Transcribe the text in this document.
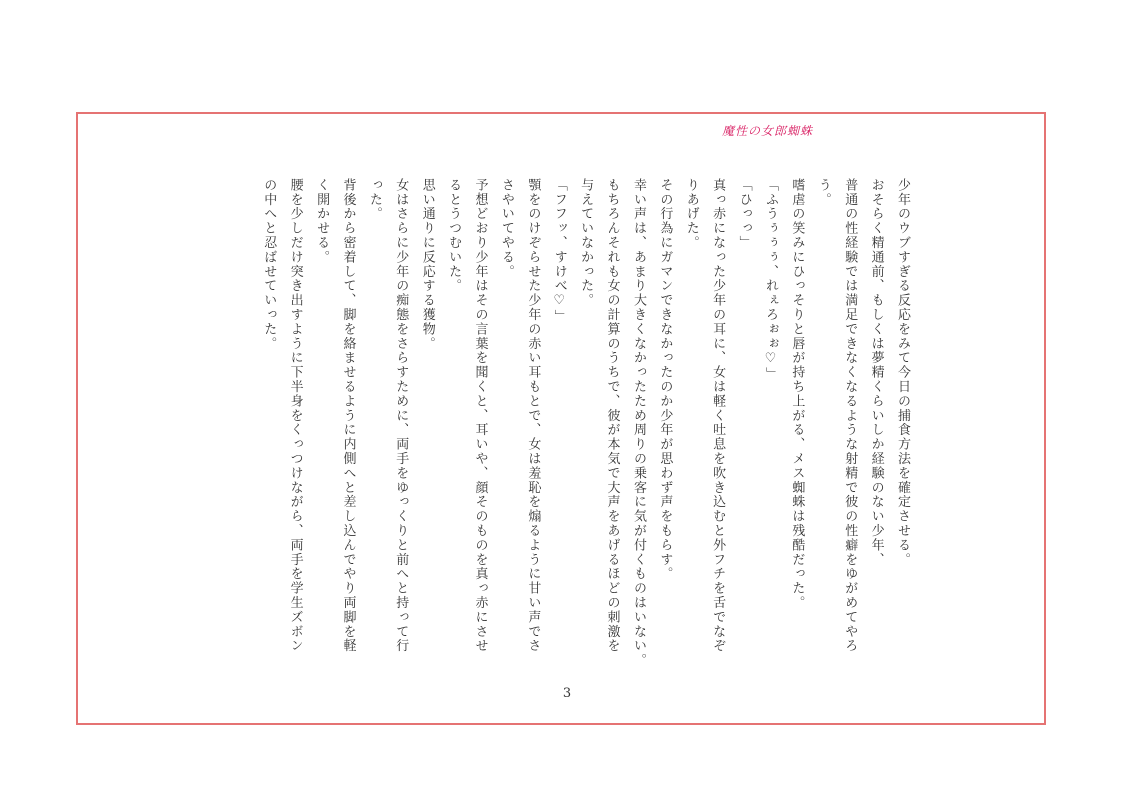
魔性の女郎蜘蛛

少年のウブすぎる反応をみて今日の捕食方法を確定させる。

おそらく精通前、もしくは夢精くらいしか経験のない少年、

普通の性経験では満足できなくなるような射精で彼の性癖をゆがめてやろ

う。

嗜虐の笑みにひっそりと唇が持ち上がる、メス蜘蛛は残酷だった。

「ふうぅぅぅ、れぇろぉぉ♡」

「ひっっ」

真っ赤になった少年の耳に、女は軽く吐息を吹き込むと外フチを舌でなぞ

りあげた。

その行為にガマンできなかったのか少年が思わず声をもらす。

幸い声は、あまり大きくなかったため周りの乗客に気が付くものはいない。

もちろんそれも女の計算のうちで、彼が本気で大声をあげるほどの刺激を

与えていなかった。

「フフッ、すけべ♡」

顎をのけぞらせた少年の赤い耳もとで、女は羞恥を煽るように甘い声でさ

さやいてやる。

予想どおり少年はその言葉を聞くと、耳いや、顔そのものを真っ赤にさせ

るとうつむいた。

思い通りに反応する獲物。

女はさらに少年の痴態をさらすために、両手をゆっくりと前へと持って行

った。

背後から密着して、脚を絡ませるように内側へと差し込んでやり両脚を軽

く開かせる。

腰を少しだけ突き出すように下半身をくっつけながら、両手を学生ズボン

の中へと忍ばせていった。

3
